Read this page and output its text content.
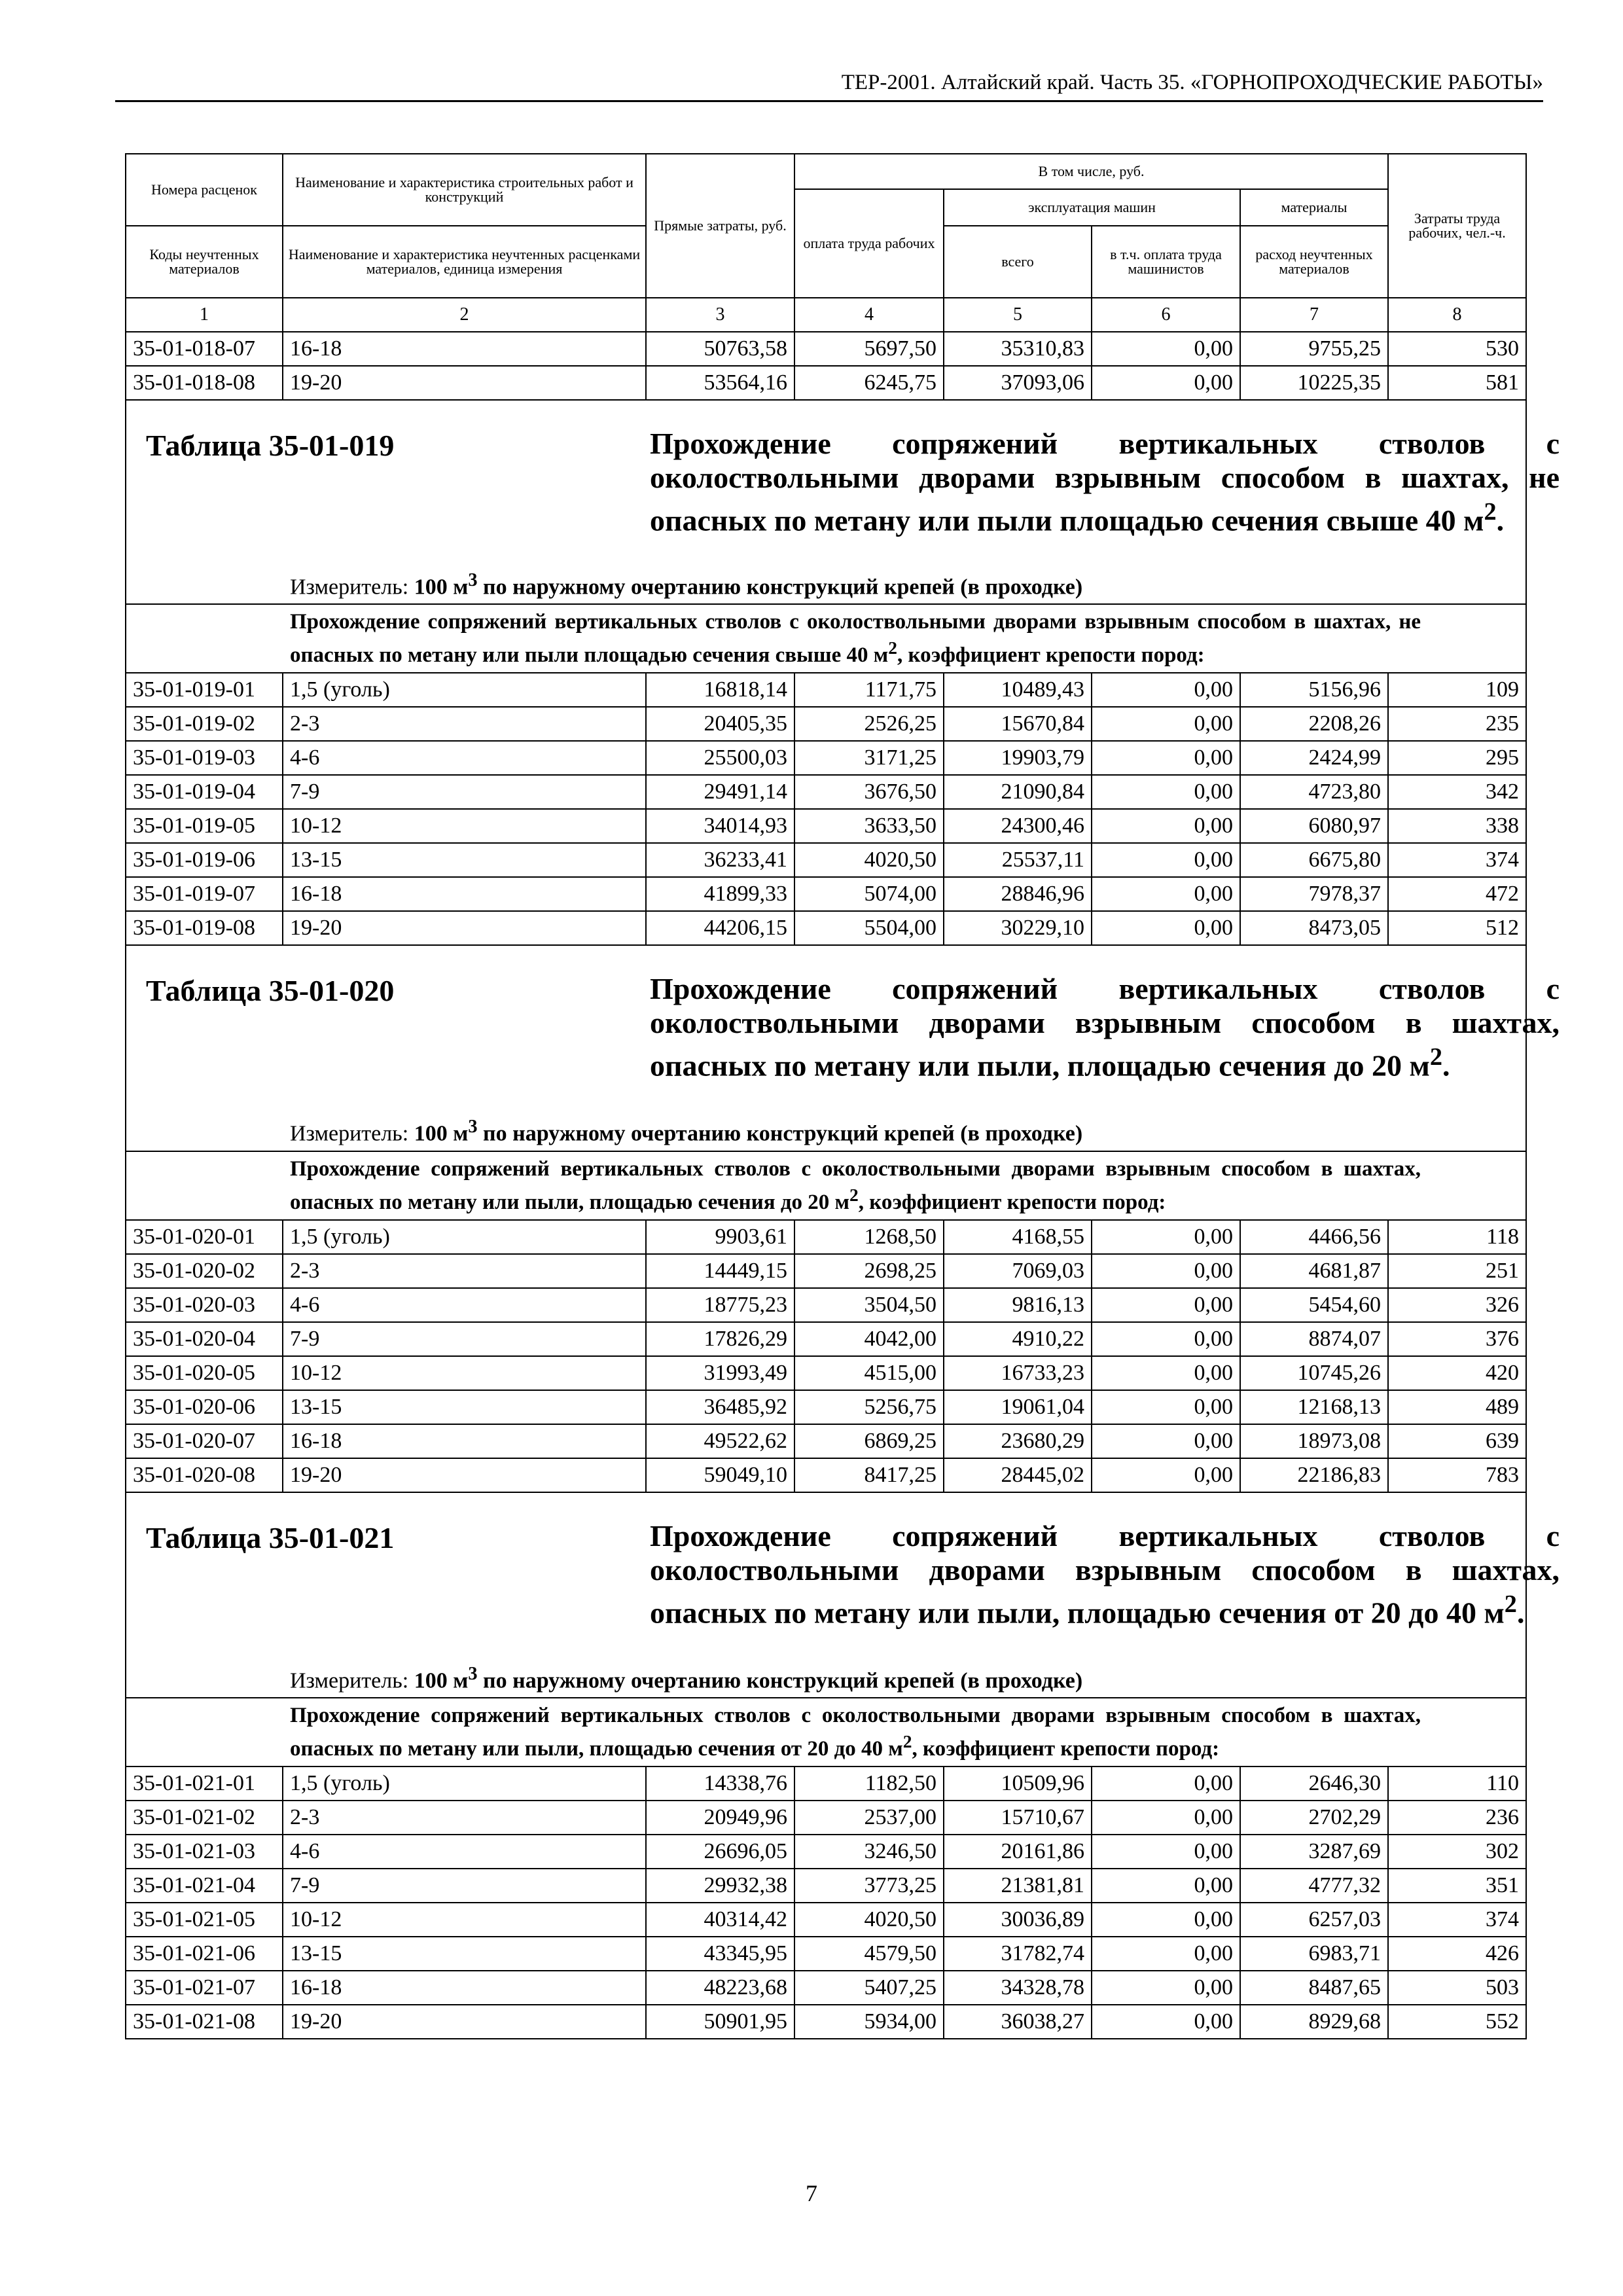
ТЕР-2001. Алтайский край. Часть 35. «ГОРНОПРОХОДЧЕСКИЕ РАБОТЫ»
Номера расценок	Наименование и характеристика строительных работ и конструкций	Прямые затраты, руб.	В том числе, руб.				Затраты труда рабочих, чел.-ч.
			оплата труда рабочих	эксплуатация машин		материалы	
Коды неучтенных материалов	Наименование и характеристика неучтенных расценками материалов, единица измерения			всего	в т.ч. оплата труда машинистов	расход неучтенных материалов	
1	2	3	4	5	6	7	8
35-01-018-07	16-18	50763,58	5697,50	35310,83	0,00	9755,25	530
35-01-018-08	19-20	53564,16	6245,75	37093,06	0,00	10225,35	581

Таблица 35-01-019 Прохождение сопряжений вертикальных стволов с околоствольными дворами взрывным способом в шахтах, не опасных по метану или пыли площадью сечения свыше 40 $м^2$.							

Измеритель: 100 $м^3$ по наружному очертанию конструкций крепей (в проходке)							
Прохождение сопряжений вертикальных стволов с околоствольными дворами взрывным способом в шахтах, не опасных по метану или пыли площадью сечения свыше 40 $м^2$, коэффициент крепости пород:							
35-01-019-01	1,5 (уголь)	16818,14	1171,75	10489,43	0,00	5156,96	109
35-01-019-02	2-3	20405,35	2526,25	15670,84	0,00	2208,26	235
35-01-019-03	4-6	25500,03	3171,25	19903,79	0,00	2424,99	295
35-01-019-04	7-9	29491,14	3676,50	21090,84	0,00	4723,80	342
35-01-019-05	10-12	34014,93	3633,50	24300,46	0,00	6080,97	338
35-01-019-06	13-15	36233,41	4020,50	25537,11	0,00	6675,80	374
35-01-019-07	16-18	41899,33	5074,00	28846,96	0,00	7978,37	472
35-01-019-08	19-20	44206,15	5504,00	30229,10	0,00	8473,05	512

Таблица 35-01-020 Прохождение сопряжений вертикальных стволов с околоствольными дворами взрывным способом в шахтах, опасных по метану или пыли, площадью сечения до 20 $м^2$.							

Измеритель: 100 $м^3$ по наружному очертанию конструкций крепей (в проходке)							
Прохождение сопряжений вертикальных стволов с околоствольными дворами взрывным способом в шахтах, опасных по метану или пыли, площадью сечения до 20 $м^2$, коэффициент крепости пород:							
35-01-020-01	1,5 (уголь)	9903,61	1268,50	4168,55	0,00	4466,56	118
35-01-020-02	2-3	14449,15	2698,25	7069,03	0,00	4681,87	251
35-01-020-03	4-6	18775,23	3504,50	9816,13	0,00	5454,60	326
35-01-020-04	7-9	17826,29	4042,00	4910,22	0,00	8874,07	376
35-01-020-05	10-12	31993,49	4515,00	16733,23	0,00	10745,26	420
35-01-020-06	13-15	36485,92	5256,75	19061,04	0,00	12168,13	489
35-01-020-07	16-18	49522,62	6869,25	23680,29	0,00	18973,08	639
35-01-020-08	19-20	59049,10	8417,25	28445,02	0,00	22186,83	783

Таблица 35-01-021 Прохождение сопряжений вертикальных стволов с околоствольными дворами взрывным способом в шахтах, опасных по метану или пыли, площадью сечения от 20 до 40 $м^2$.							

Измеритель: 100 $м^3$ по наружному очертанию конструкций крепей (в проходке)							
Прохождение сопряжений вертикальных стволов с околоствольными дворами взрывным способом в шахтах, опасных по метану или пыли, площадью сечения от 20 до 40 $м^2$, коэффициент крепости пород:							
35-01-021-01	1,5 (уголь)	14338,76	1182,50	10509,96	0,00	2646,30	110
35-01-021-02	2-3	20949,96	2537,00	15710,67	0,00	2702,29	236
35-01-021-03	4-6	26696,05	3246,50	20161,86	0,00	3287,69	302
35-01-021-04	7-9	29932,38	3773,25	21381,81	0,00	4777,32	351
35-01-021-05	10-12	40314,42	4020,50	30036,89	0,00	6257,03	374
35-01-021-06	13-15	43345,95	4579,50	31782,74	0,00	6983,71	426
35-01-021-07	16-18	48223,68	5407,25	34328,78	0,00	8487,65	503
35-01-021-08	19-20	50901,95	5934,00	36038,27	0,00	8929,68	552
7
